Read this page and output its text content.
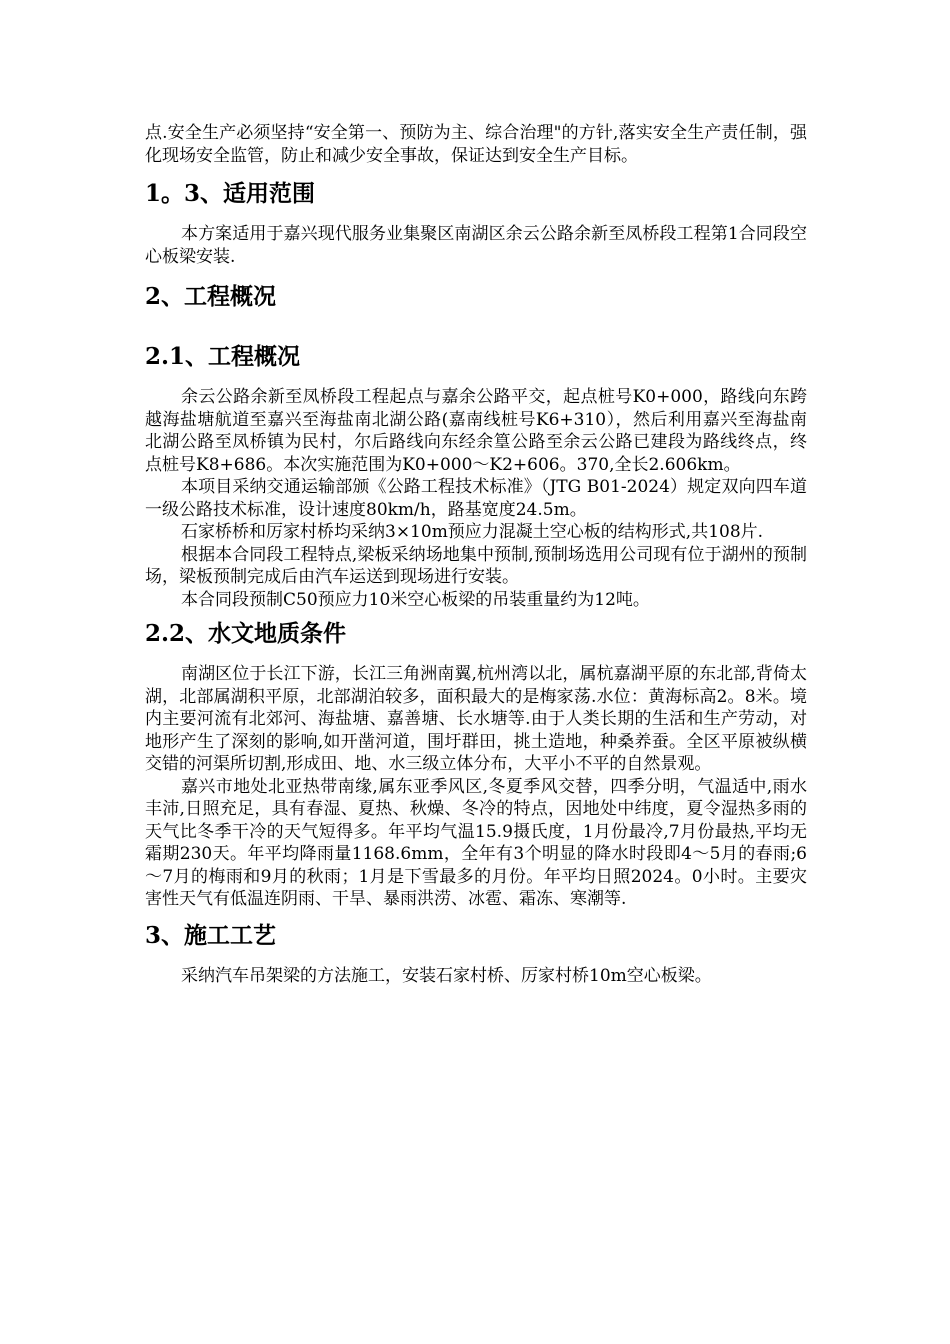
点.安全生产必须坚持“安全第一、预防为主、综合治理"的方针,落实安全生产责任制，强化现场安全监管，防止和减少安全事故，保证达到安全生产目标。

1。3、适用范围

本方案适用于嘉兴现代服务业集聚区南湖区余云公路余新至凤桥段工程第1合同段空心板梁安装.

2、工程概况
2.1、工程概况

余云公路余新至凤桥段工程起点与嘉余公路平交，起点桩号K0+000，路线向东跨越海盐塘航道至嘉兴至海盐南北湖公路(嘉南线桩号K6+310），然后利用嘉兴至海盐南北湖公路至凤桥镇为民村，尔后路线向东经余篁公路至余云公路已建段为路线终点，终点桩号K8+686。本次实施范围为K0+000～K2+606。370,全长2.606km。

本项目采纳交通运输部颁《公路工程技术标准》（JTG B01-2024）规定双向四车道一级公路技术标准，设计速度80km/h，路基宽度24.5m。

石家桥桥和厉家村桥均采纳3×10m预应力混凝土空心板的结构形式,共108片.

根据本合同段工程特点,梁板采纳场地集中预制,预制场选用公司现有位于湖州的预制场，梁板预制完成后由汽车运送到现场进行安装。

本合同段预制C50预应力10米空心板梁的吊装重量约为12吨。

2.2、水文地质条件

南湖区位于长江下游，长江三角洲南翼,杭州湾以北，属杭嘉湖平原的东北部,背倚太湖，北部属湖积平原，北部湖泊较多，面积最大的是梅家荡.水位：黄海标高2。8米。境内主要河流有北郊河、海盐塘、嘉善塘、长水塘等.由于人类长期的生活和生产劳动，对地形产生了深刻的影响,如开凿河道，围圩群田，挑土造地，种桑养蚕。全区平原被纵横交错的河渠所切割,形成田、地、水三级立体分布，大平小不平的自然景观。

嘉兴市地处北亚热带南缘,属东亚季风区,冬夏季风交替，四季分明，气温适中,雨水丰沛,日照充足，具有春湿、夏热、秋燥、冬冷的特点，因地处中纬度，夏令湿热多雨的天气比冬季干冷的天气短得多。年平均气温15.9摄氏度，1月份最冷,7月份最热,平均无霜期230天。年平均降雨量1168.6mm，全年有3个明显的降水时段即4～5月的春雨;6～7月的梅雨和9月的秋雨；1月是下雪最多的月份。年平均日照2024。0小时。主要灾害性天气有低温连阴雨、干旱、暴雨洪涝、冰雹、霜冻、寒潮等.

3、施工工艺

采纳汽车吊架梁的方法施工，安装石家村桥、厉家村桥10m空心板梁。
